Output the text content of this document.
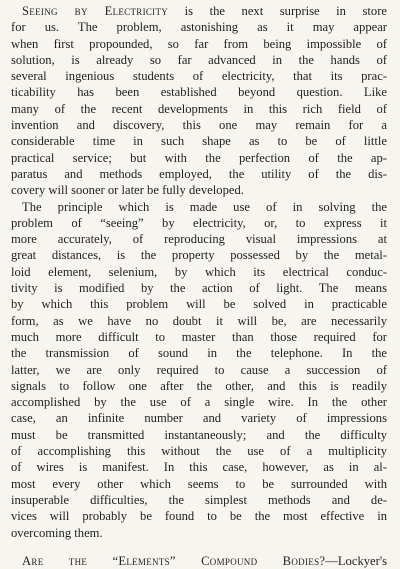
Seeing by Electricity is the next surprise in store
for us. The problem, astonishing as it may appear
when first propounded, so far from being impossible of
solution, is already so far advanced in the hands of
several ingenious students of electricity, that its prac-
ticability has been established beyond question. Like
many of the recent developments in this rich field of
invention and discovery, this one may remain for a
considerable time in such shape as to be of little
practical service; but with the perfection of the ap-
paratus and methods employed, the utility of the dis-
covery will sooner or later be fully developed.
The principle which is made use of in solving the
problem of “seeing” by electricity, or, to express it
more accurately, of reproducing visual impressions at
great distances, is the property possessed by the metal-
loid element, selenium, by which its electrical conduc-
tivity is modified by the action of light. The means
by which this problem will be solved in practicable
form, as we have no doubt it will be, are necessarily
much more difficult to master than those required for
the transmission of sound in the telephone. In the
latter, we are only required to cause a succession of
signals to follow one after the other, and this is readily
accomplished by the use of a single wire. In the other
case, an infinite number and variety of impressions
must be transmitted instantaneously; and the difficulty
of accomplishing this without the use of a multiplicity
of wires is manifest. In this case, however, as in al-
most every other which seems to be surrounded with
insuperable difficulties, the simplest methods and de-
vices will probably be found to be the most effective in
overcoming them.
Are the “Elements” Compound Bodies?—Lockyer's
